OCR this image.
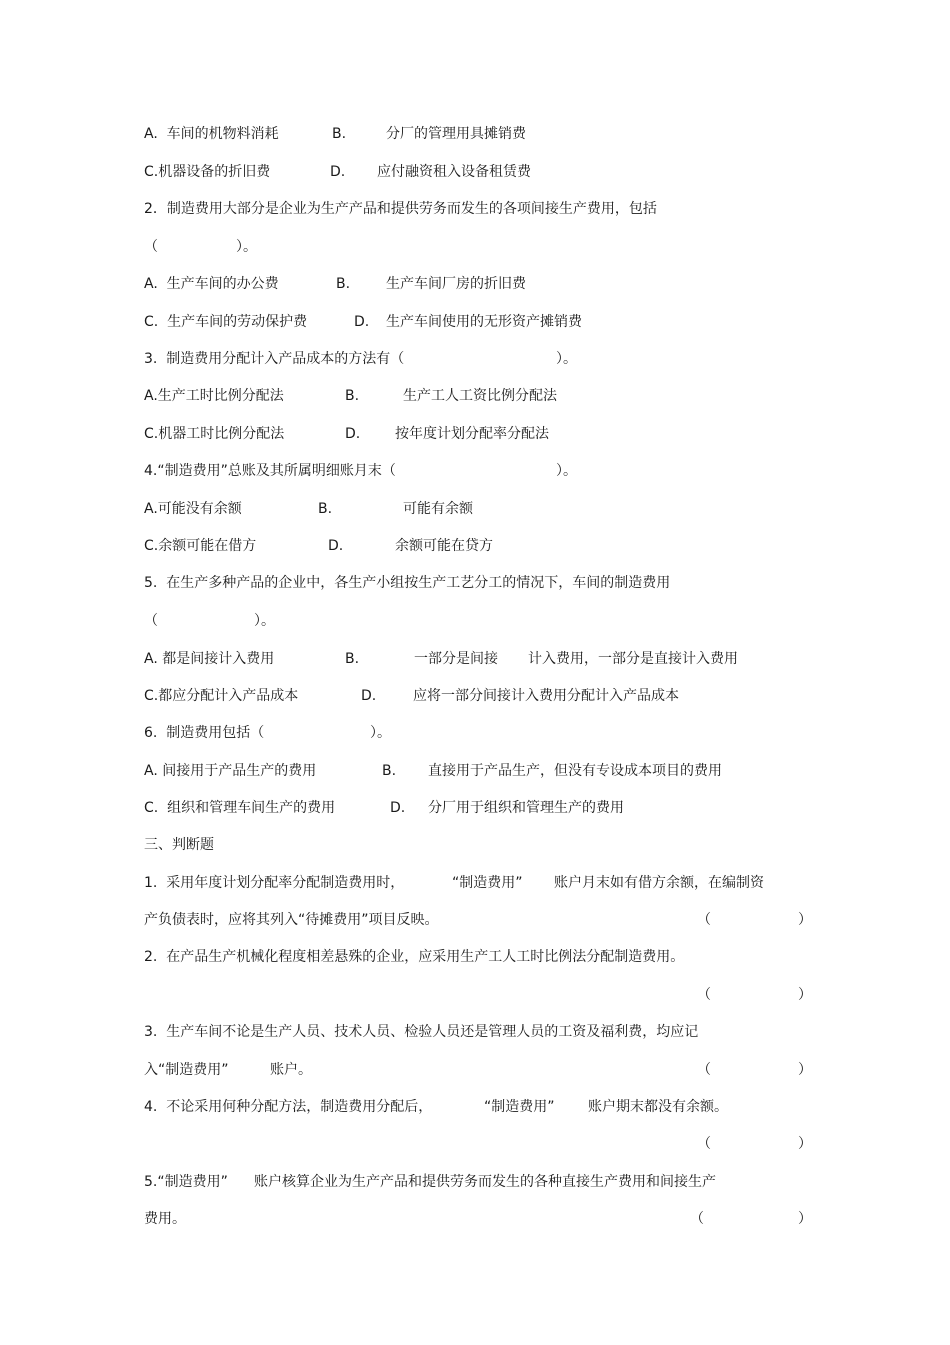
A.  车间的机物料消耗	B.	分厂的管理用具摊销费
C.机器设备的折旧费	D. 应付融资租入设备租赁费
2．制造费用大部分是企业为生产产品和提供劳务而发生的各项间接生产费用，包括
（	）。
A.  生产车间的办公费	B.	生产车间厂房的折旧费
C.  生产车间的劳动保护费	D. 生产车间使用的无形资产摊销费
3.  制造费用分配计入产品成本的方法有（	）。
A.生产工时比例分配法	B.	生产工人工资比例分配法
C.机器工时比例分配法	D. 按年度计划分配率分配法
4.“制造费用”总账及其所属明细账月末（	）。
A.可能没有余额	B.	可能有余额
C.余额可能在借方	D.	余额可能在贷方
5.  在生产多种产品的企业中，各生产小组按生产工艺分工的情况下，车间的制造费用
（	）。
A. 都是间接计入费用	B.	一部分是间接 计入费用，一部分是直接计入费用
C.都应分配计入产品成本	D.	应将一部分间接计入费用分配计入产品成本
6.  制造费用包括（	）。
A. 间接用于产品生产的费用	B. 直接用于产品生产，但没有专设成本项目的费用
C.  组织和管理车间生产的费用	D. 分厂用于组织和管理生产的费用
三、判断题
1.  采用年度计划分配率分配制造费用时，	“制造费用” 账户月末如有借方余额，在编制资
产负债表时，应将其列入“待摊费用”项目反映。	（	）
2.  在产品生产机械化程度相差悬殊的企业，应采用生产工人工时比例法分配制造费用。
（	）
3.  生产车间不论是生产人员、技术人员、检验人员还是管理人员的工资及福利费，均应记
入“制造费用”	账户。	（	）
4.  不论采用何种分配方法，制造费用分配后，	“制造费用” 账户期末都没有余额。
（	）
5.“制造费用” 账户核算企业为生产产品和提供劳务而发生的各种直接生产费用和间接生产
费用。	（	）
